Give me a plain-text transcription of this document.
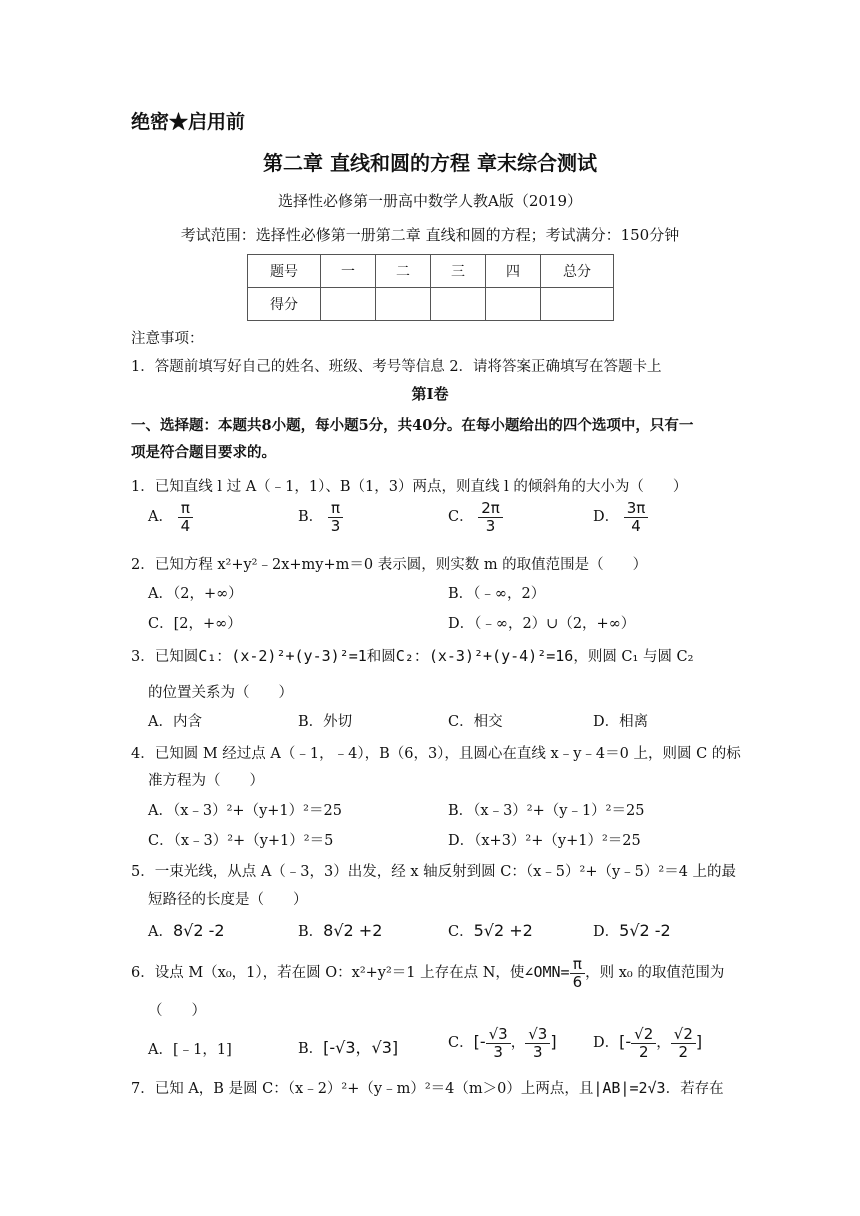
绝密★启用前
第二章 直线和圆的方程 章末综合测试
选择性必修第一册高中数学人教A版（2019）
考试范围：选择性必修第一册第二章 直线和圆的方程；考试满分：150分钟
题号	一	二	三	四	总分
得分					
注意事项：
1．答题前填写好自己的姓名、班级、考号等信息 2．请将答案正确填写在答题卡上
第Ⅰ卷
一、选择题：本题共8小题，每小题5分，共40分。在每小题给出的四个选项中，只有一
项是符合题目要求的。
1．已知直线 l 过 A（﹣1，1）、B（1，3）两点，则直线 l 的倾斜角的大小为（　　）
A． $\frac{\pi}{4}$	B． $\frac{\pi}{3}$	C． $\frac{2\pi}{3}$	D． $\frac{3\pi}{4}$
2．已知方程 x²+y²﹣2x+my+m＝0 表示圆，则实数 m 的取值范围是（　　）
A．（2，+∞）	B．（﹣∞，2）
C．[2，+∞）	D．（﹣∞，2）∪（2，+∞）
3．已知圆C₁：(x-2)²+(y-3)²=1和圆C₂：(x-3)²+(y-4)²=16，则圆 C₁ 与圆 C₂
的位置关系为（　　）
A．内含	B．外切	C．相交	D．相离
4．已知圆 M 经过点 A（﹣1，﹣4），B（6，3），且圆心在直线 x﹣y﹣4＝0 上，则圆 C 的标
准方程为（　　）
A．（x﹣3）²+（y+1）²＝25	B．（x﹣3）²+（y﹣1）²＝25
C．（x﹣3）²+（y+1）²＝5	D．（x+3）²+（y+1）²＝25
5．一束光线，从点 A（﹣3，3）出发，经 x 轴反射到圆 C：（x﹣5）²+（y﹣5）²＝4 上的最
短路径的长度是（　　）
A．8√2 -2	B．8√2 +2	C．5√2 +2	D．5√2 -2
6．设点 M（x₀，1），若在圆 O：x²+y²＝1 上存在点 N，使∠OMN= $\frac{\pi}{6}$ ，则 x₀ 的取值范围为
（　　）
A．[﹣1，1]	B．[-√3，√3]	C．[- $\frac{√3}{3}$ ， $\frac{√3}{3}$ ]	D．[- $\frac{√2}{2}$ ， $\frac{√2}{2}$ ]
7．已知 A，B 是圆 C：（x﹣2）²+（y﹣m）²＝4（m＞0）上两点，且|AB|=2√3．若存在
